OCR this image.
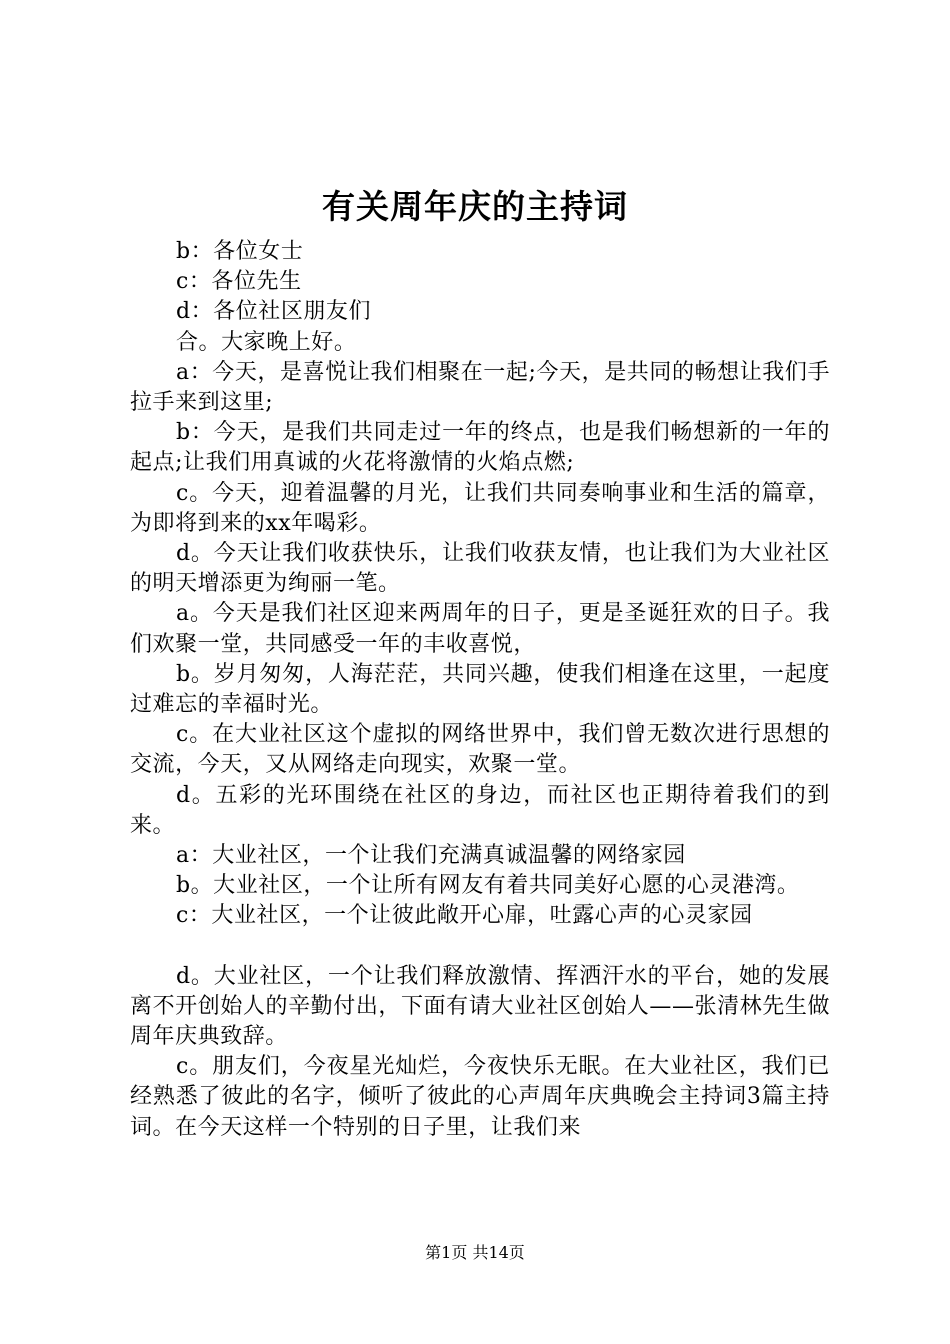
有关周年庆的主持词

b：各位女士

c：各位先生

d：各位社区朋友们

合。大家晚上好。

a：今天，是喜悦让我们相聚在一起;今天，是共同的畅想让我们手拉手来到这里;

b：今天，是我们共同走过一年的终点，也是我们畅想新的一年的起点;让我们用真诚的火花将激情的火焰点燃;

c。今天，迎着温馨的月光，让我们共同奏响事业和生活的篇章，为即将到来的xx年喝彩。

d。今天让我们收获快乐，让我们收获友情，也让我们为大业社区的明天增添更为绚丽一笔。

a。今天是我们社区迎来两周年的日子，更是圣诞狂欢的日子。我们欢聚一堂，共同感受一年的丰收喜悦，

b。岁月匆匆，人海茫茫，共同兴趣，使我们相逢在这里，一起度过难忘的幸福时光。

c。在大业社区这个虚拟的网络世界中，我们曾无数次进行思想的交流，今天，又从网络走向现实，欢聚一堂。

d。五彩的光环围绕在社区的身边，而社区也正期待着我们的到来。

a：大业社区，一个让我们充满真诚温馨的网络家园

b。大业社区，一个让所有网友有着共同美好心愿的心灵港湾。

c：大业社区，一个让彼此敞开心扉，吐露心声的心灵家园

d。大业社区，一个让我们释放激情、挥洒汗水的平台，她的发展离不开创始人的辛勤付出，下面有请大业社区创始人——张清林先生做周年庆典致辞。

c。朋友们，今夜星光灿烂，今夜快乐无眠。在大业社区，我们已经熟悉了彼此的名字，倾听了彼此的心声周年庆典晚会主持词3篇主持词。在今天这样一个特别的日子里，让我们来

第1页 共14页
